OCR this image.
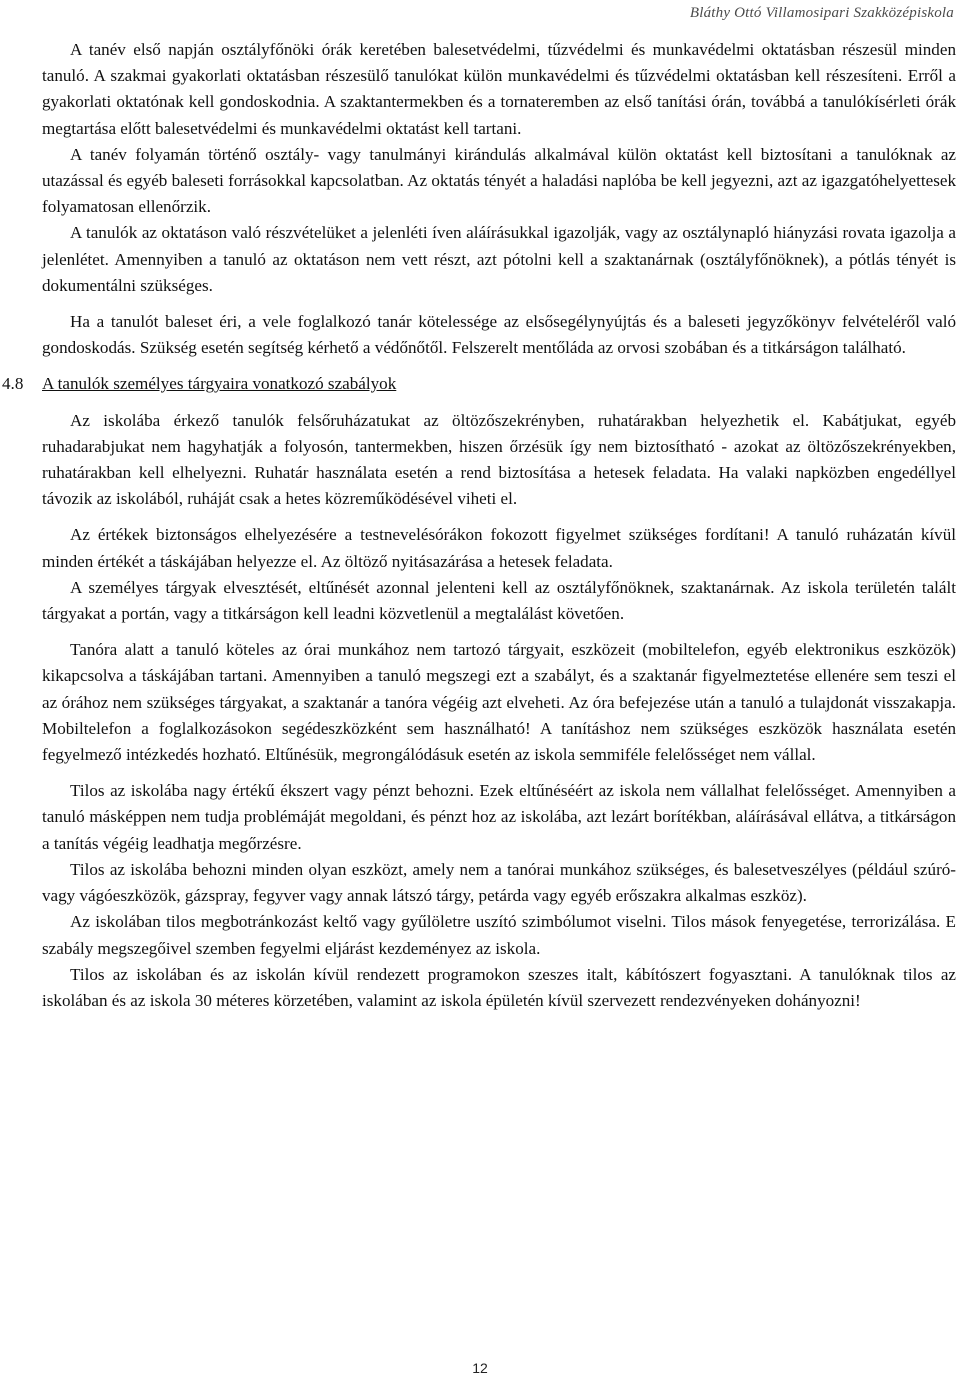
Bláthy Ottó Villamosipari Szakközépiskola

A tanév első napján osztályfőnöki órák keretében balesetvédelmi, tűzvédelmi és munkavédelmi oktatásban részesül minden tanuló. A szakmai gyakorlati oktatásban részesülő tanulókat külön munkavédelmi és tűzvédelmi oktatásban kell részesíteni. Erről a gyakorlati oktatónak kell gondoskodnia. A szaktantermekben és a tornateremben az első tanítási órán, továbbá a tanulókísérleti órák megtartása előtt balesetvédelmi és munkavédelmi oktatást kell tartani.

A tanév folyamán történő osztály- vagy tanulmányi kirándulás alkalmával külön oktatást kell biztosítani a tanulóknak az utazással és egyéb baleseti forrásokkal kapcsolatban. Az oktatás tényét a haladási naplóba be kell jegyezni, azt az igazgatóhelyettesek folyamatosan ellenőrzik.

A tanulók az oktatáson való részvételüket a jelenléti íven aláírásukkal igazolják, vagy az osztálynapló hiányzási rovata igazolja a jelenlétet. Amennyiben a tanuló az oktatáson nem vett részt, azt pótolni kell a szaktanárnak (osztályfőnöknek), a pótlás tényét is dokumentálni szükséges.

Ha a tanulót baleset éri, a vele foglalkozó tanár kötelessége az elsősegélynyújtás és a baleseti jegyzőkönyv felvételéről való gondoskodás. Szükség esetén segítség kérhető a védőnőtől. Felszerelt mentőláda az orvosi szobában és a titkárságon található.

4.8	A tanulók személyes tárgyaira vonatkozó szabályok

Az iskolába érkező tanulók felsőruházatukat az öltözőszekrényben, ruhatárakban helyezhetik el. Kabátjukat, egyéb ruhadarabjukat nem hagyhatják a folyosón, tantermekben, hiszen őrzésük így nem biztosítható - azokat az öltözőszekrényekben, ruhatárakban kell elhelyezni. Ruhatár használata esetén a rend biztosítása a hetesek feladata. Ha valaki napközben engedéllyel távozik az iskolából, ruháját csak a hetes közreműködésével viheti el.

Az értékek biztonságos elhelyezésére a testnevelésórákon fokozott figyelmet szükséges fordítani! A tanuló ruházatán kívül minden értékét a táskájában helyezze el. Az öltöző nyitásazárása a hetesek feladata.

A személyes tárgyak elvesztését, eltűnését azonnal jelenteni kell az osztályfőnöknek, szaktanárnak. Az iskola területén talált tárgyakat a portán, vagy a titkárságon kell leadni közvetlenül a megtalálást követően.

Tanóra alatt a tanuló köteles az órai munkához nem tartozó tárgyait, eszközeit (mobiltelefon, egyéb elektronikus eszközök) kikapcsolva a táskájában tartani. Amennyiben a tanuló megszegi ezt a szabályt, és a szaktanár figyelmeztetése ellenére sem teszi el az órához nem szükséges tárgyakat, a szaktanár a tanóra végéig azt elveheti. Az óra befejezése után a tanuló a tulajdonát visszakapja. Mobiltelefon a foglalkozásokon segédeszközként sem használható! A tanításhoz nem szükséges eszközök használata esetén fegyelmező intézkedés hozható. Eltűnésük, megrongálódásuk esetén az iskola semmiféle felelősséget nem vállal.

Tilos az iskolába nagy értékű ékszert vagy pénzt behozni. Ezek eltűnéséért az iskola nem vállalhat felelősséget. Amennyiben a tanuló másképpen nem tudja problémáját megoldani, és pénzt hoz az iskolába, azt lezárt borítékban, aláírásával ellátva, a titkárságon a tanítás végéig leadhatja megőrzésre.

Tilos az iskolába behozni minden olyan eszközt, amely nem a tanórai munkához szükséges, és balesetveszélyes (például szúró- vagy vágóeszközök, gázspray, fegyver vagy annak látszó tárgy, petárda vagy egyéb erőszakra alkalmas eszköz).

Az iskolában tilos megbotránkozást keltő vagy gyűlöletre uszító szimbólumot viselni. Tilos mások fenyegetése, terrorizálása. E szabály megszegőivel szemben fegyelmi eljárást kezdeményez az iskola.

Tilos az iskolában és az iskolán kívül rendezett programokon szeszes italt, kábítószert fogyasztani. A tanulóknak tilos az iskolában és az iskola 30 méteres körzetében, valamint az iskola épületén kívül szervezett rendezvényeken dohányozni!

12
